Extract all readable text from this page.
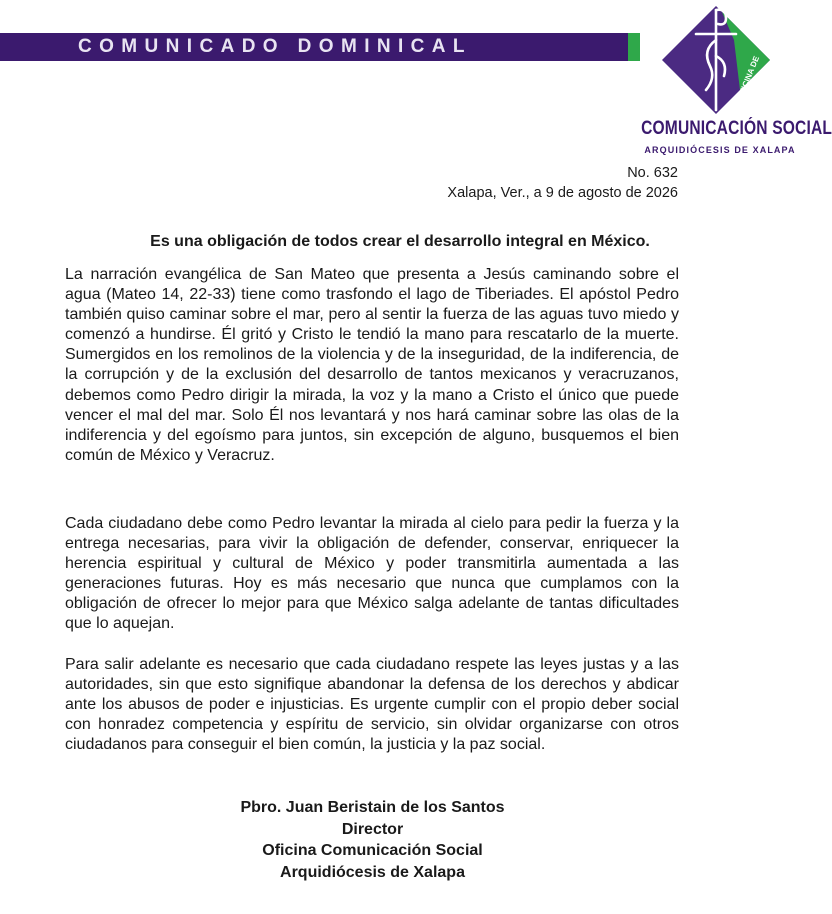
COMUNICADO DOMINICAL
OFICINA DE
COMUNICACIÓN SOCIAL
ARQUIDIÓCESIS DE XALAPA
No. 632
Xalapa, Ver., a 9 de agosto de 2026
Es una obligación de todos crear el desarrollo integral en México.

La narración evangélica de San Mateo que presenta a Jesús caminando sobre el agua (Mateo 14, 22-33) tiene como trasfondo el lago de Tiberiades. El apóstol Pedro también quiso caminar sobre el mar, pero al sentir la fuerza de las aguas tuvo miedo y comenzó a hundirse. Él gritó y Cristo le tendió la mano para rescatarlo de la muerte. Sumergidos en los remolinos de la violencia y de la inseguridad, de la indiferencia, de la corrupción y de la exclusión del desarrollo de tantos mexicanos y veracruzanos, debemos como Pedro dirigir la mirada, la voz y la mano a Cristo el único que puede vencer el mal del mar. Solo Él nos levantará y nos hará caminar sobre las olas de la indiferencia y del egoísmo para juntos, sin excepción de alguno, busquemos el bien común de México y Veracruz.

Cada ciudadano debe como Pedro levantar la mirada al cielo para pedir la fuerza y la entrega necesarias, para vivir la obligación de defender, conservar, enriquecer la herencia espiritual y cultural de México y poder transmitirla aumentada a las generaciones futuras. Hoy es más necesario que nunca que cumplamos con la obligación de ofrecer lo mejor para que México salga adelante de tantas dificultades que lo aquejan.

Para salir adelante es necesario que cada ciudadano respete las leyes justas y a las autoridades, sin que esto signifique abandonar la defensa de los derechos y abdicar ante los abusos de poder e injusticias. Es urgente cumplir con el propio deber social con honradez competencia y espíritu de servicio, sin olvidar organizarse con otros ciudadanos para conseguir el bien común, la justicia y la paz social.

Pbro. Juan Beristain de los Santos
Director
Oficina Comunicación Social
Arquidiócesis de Xalapa
